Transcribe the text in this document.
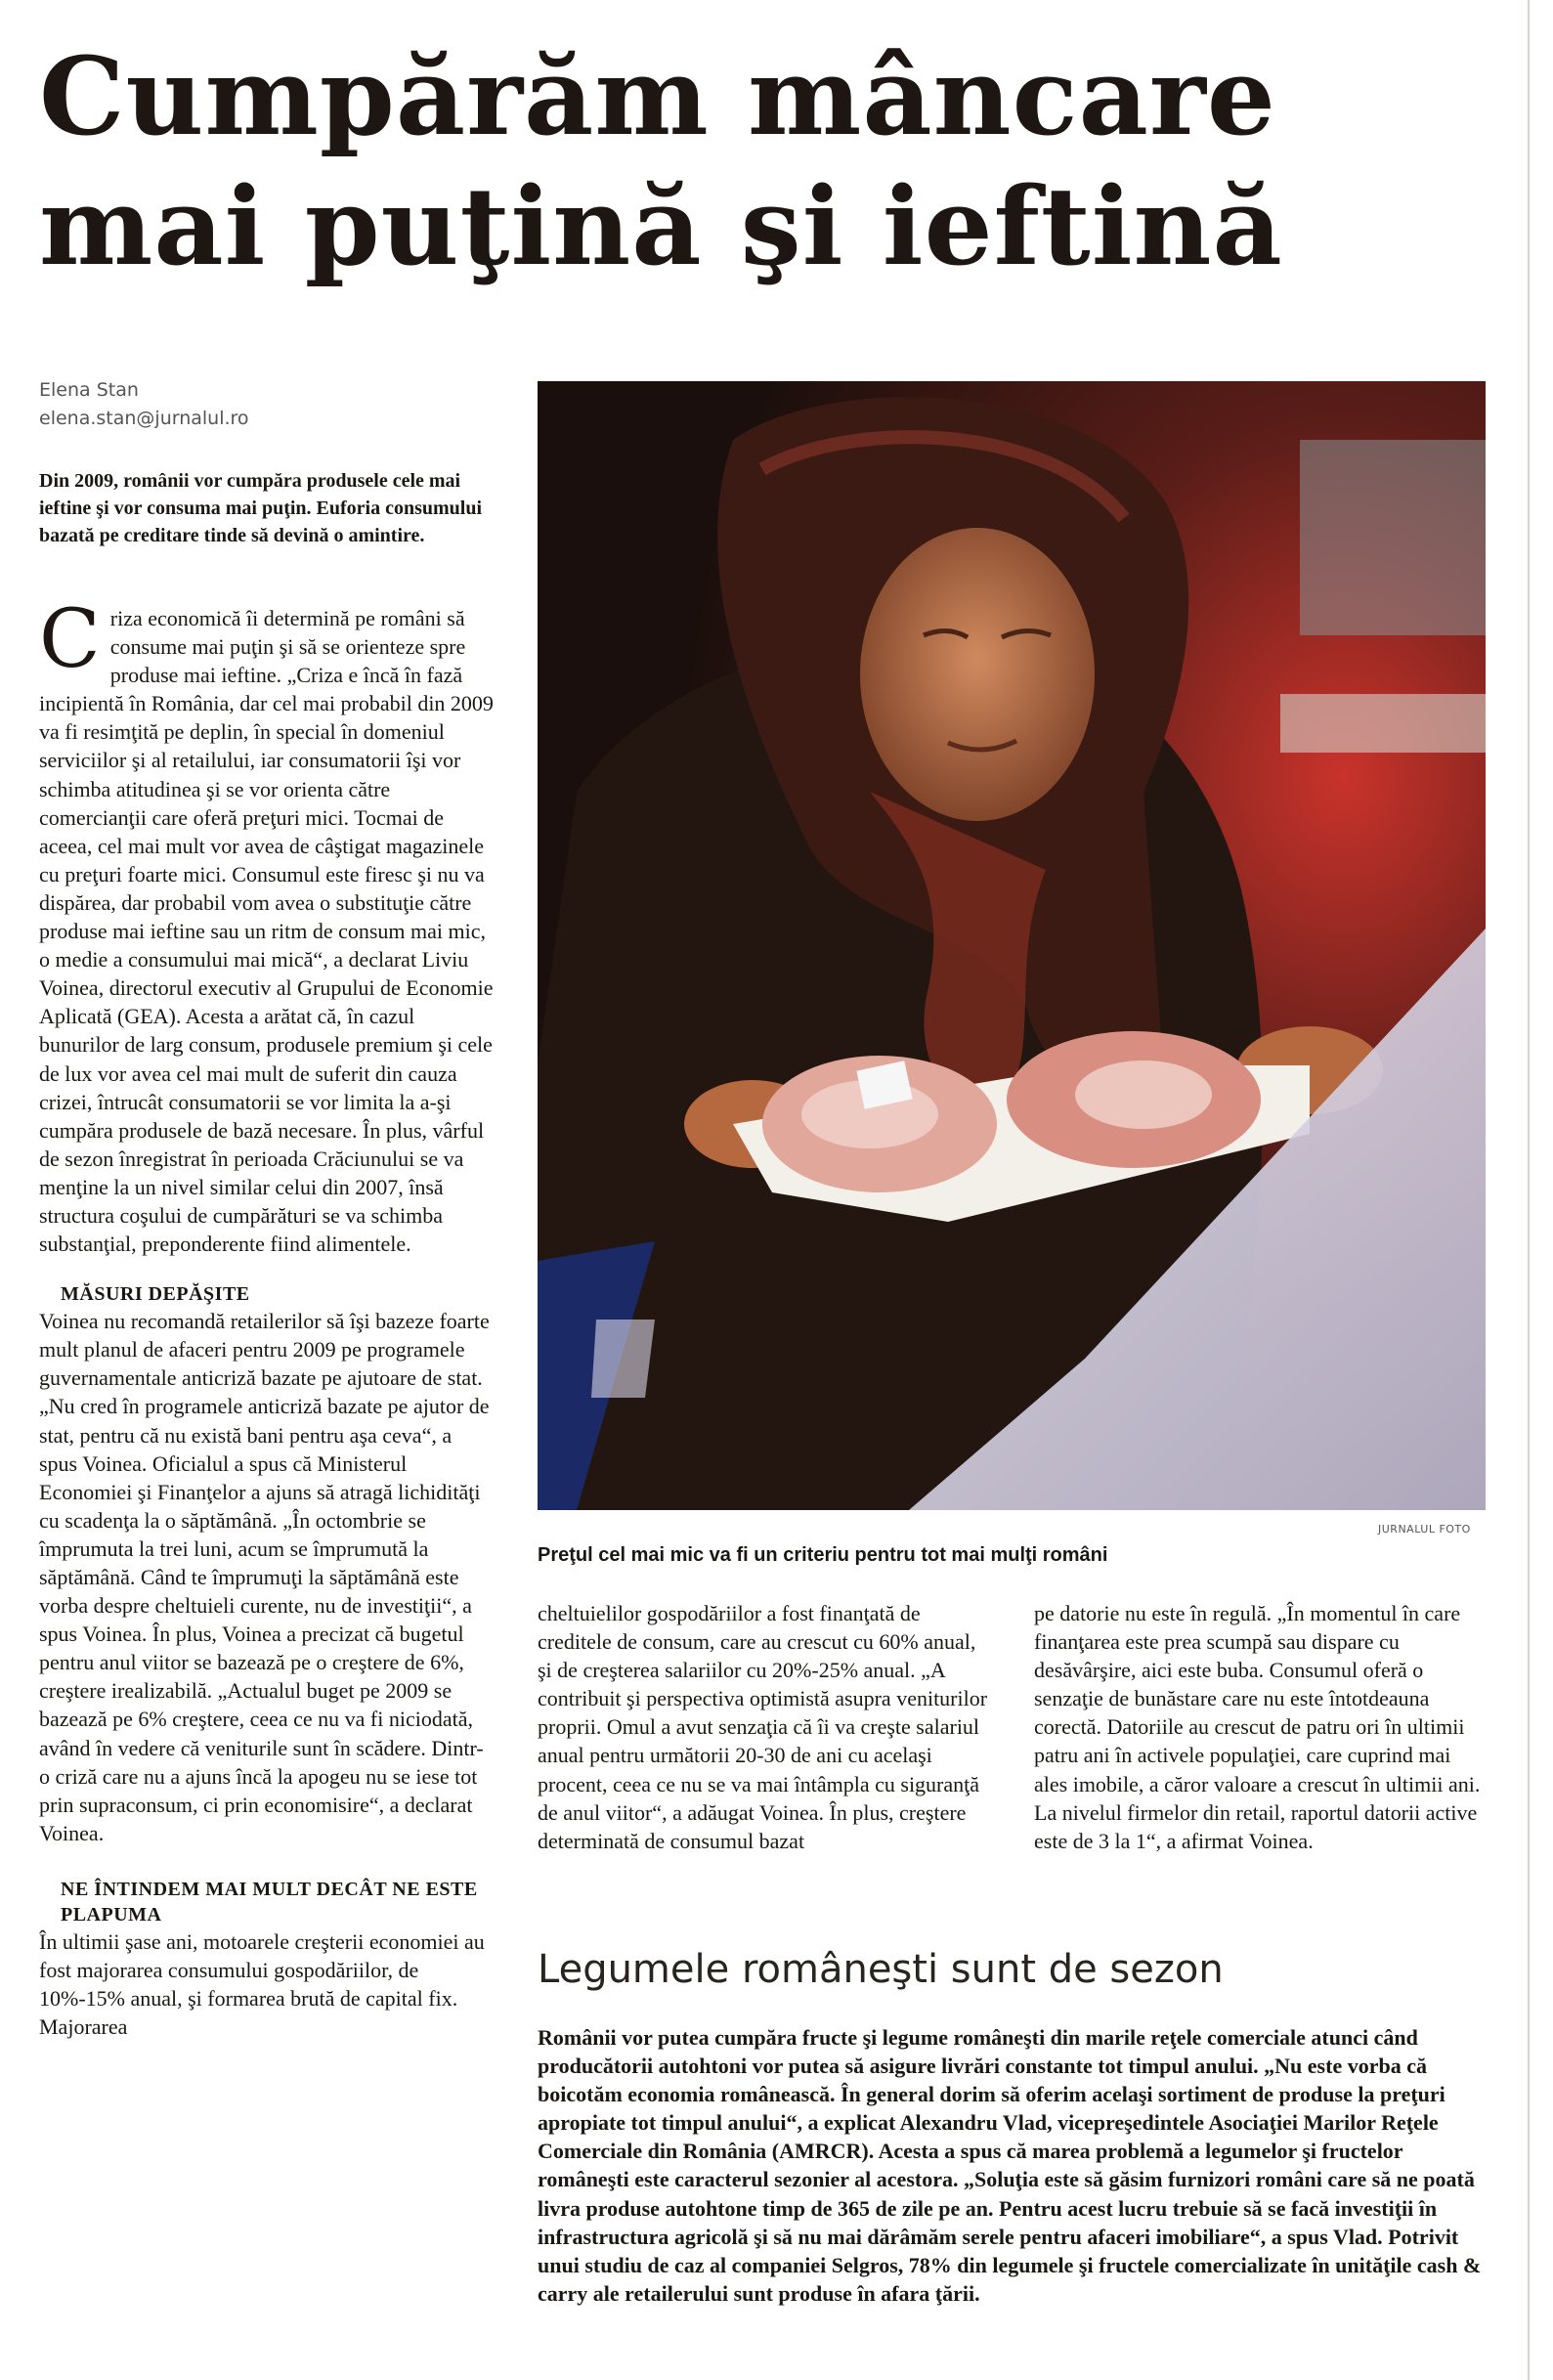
Cumpărăm mâncare mai puţină şi ieftină
Elena Stan
elena.stan@jurnalul.ro

Din 2009, românii vor cumpăra produsele cele mai ieftine şi vor consuma mai puţin. Euforia consumului bazată pe creditare tinde să devină o amintire.

Criza economică îi determină pe români să consume mai puţin şi să se orienteze spre produse mai ieftine. „Criza e încă în fază incipientă în România, dar cel mai probabil din 2009 va fi resimţită pe deplin, în special în domeniul serviciilor şi al retailului, iar consumatorii îşi vor schimba atitudinea şi se vor orienta către comercianţii care oferă preţuri mici. Tocmai de aceea, cel mai mult vor avea de câştigat magazinele cu preţuri foarte mici. Consumul este firesc şi nu va dispărea, dar probabil vom avea o substituţie către produse mai ieftine sau un ritm de consum mai mic, o medie a consumului mai mică“, a declarat Liviu Voinea, directorul executiv al Grupului de Economie Aplicată (GEA). Acesta a arătat că, în cazul bunurilor de larg consum, produsele premium şi cele de lux vor avea cel mai mult de suferit din cauza crizei, întrucât consumatorii se vor limita la a-şi cumpăra produsele de bază necesare. În plus, vârful de sezon înregistrat în perioada Crăciunului se va menţine la un nivel similar celui din 2007, însă structura coşului de cumpărături se va schimba substanţial, preponderente fiind alimentele.

MĂSURI DEPĂŞITE

Voinea nu recomandă retailerilor să îşi bazeze foarte mult planul de afaceri pentru 2009 pe programele guvernamentale anticriză bazate pe ajutoare de stat. „Nu cred în programele anticriză bazate pe ajutor de stat, pentru că nu există bani pentru aşa ceva“, a spus Voinea. Oficialul a spus că Ministerul Economiei şi Finanţelor a ajuns să atragă lichidităţi cu scadenţa la o săptămână. „În octombrie se împrumuta la trei luni, acum se împrumută la săptămână. Când te împrumuţi la săptămână este vorba despre cheltuieli curente, nu de investiţii“, a spus Voinea. În plus, Voinea a precizat că bugetul pentru anul viitor se bazează pe o creştere de 6%, creştere irealizabilă. „Actualul buget pe 2009 se bazează pe 6% creştere, ceea ce nu va fi niciodată, având în vedere că veniturile sunt în scădere. Dintr-o criză care nu a ajuns încă la apogeu nu se iese tot prin supraconsum, ci prin economisire“, a declarat Voinea.

NE ÎNTINDEM MAI MULT DECÂT NE ESTE PLAPUMA

În ultimii şase ani, motoarele creşterii economiei au fost majorarea consumului gospodăriilor, de 10%-15% anual, şi formarea brută de capital fix. Majorarea

JURNALUL FOTO

Preţul cel mai mic va fi un criteriu pentru tot mai mulţi români

cheltuielilor gospodăriilor a fost finanţată de creditele de consum, care au crescut cu 60% anual, şi de creşterea salariilor cu 20%-25% anual. „A contribuit şi perspectiva optimistă asupra veniturilor proprii. Omul a avut senzaţia că îi va creşte salariul anual pentru următorii 20-30 de ani cu acelaşi procent, ceea ce nu se va mai întâmpla cu siguranţă de anul viitor“, a adăugat Voinea. În plus, creştere determinată de consumul bazat

pe datorie nu este în regulă. „În momentul în care finanţarea este prea scumpă sau dispare cu desăvârşire, aici este buba. Consumul oferă o senzaţie de bunăstare care nu este întotdeauna corectă. Datoriile au crescut de patru ori în ultimii patru ani în activele populaţiei, care cuprind mai ales imobile, a căror valoare a crescut în ultimii ani. La nivelul firmelor din retail, raportul datorii active este de 3 la 1“, a afirmat Voinea.

Legumele româneşti sunt de sezon

Românii vor putea cumpăra fructe şi legume româneşti din marile reţele comerciale atunci când producătorii autohtoni vor putea să asigure livrări constante tot timpul anului. „Nu este vorba că boicotăm economia românească. În general dorim să oferim acelaşi sortiment de produse la preţuri apropiate tot timpul anului“, a explicat Alexandru Vlad, vicepreşedintele Asociaţiei Marilor Reţele Comerciale din România (AMRCR). Acesta a spus că marea problemă a legumelor şi fructelor româneşti este caracterul sezonier al acestora. „Soluţia este să găsim furnizori români care să ne poată livra produse autohtone timp de 365 de zile pe an. Pentru acest lucru trebuie să se facă investiţii în infrastructura agricolă şi să nu mai dărâmăm serele pentru afaceri imobiliare“, a spus Vlad. Potrivit unui studiu de caz al companiei Selgros, 78% din legumele şi fructele comercializate în unităţile cash & carry ale retailerului sunt produse în afara ţării.
